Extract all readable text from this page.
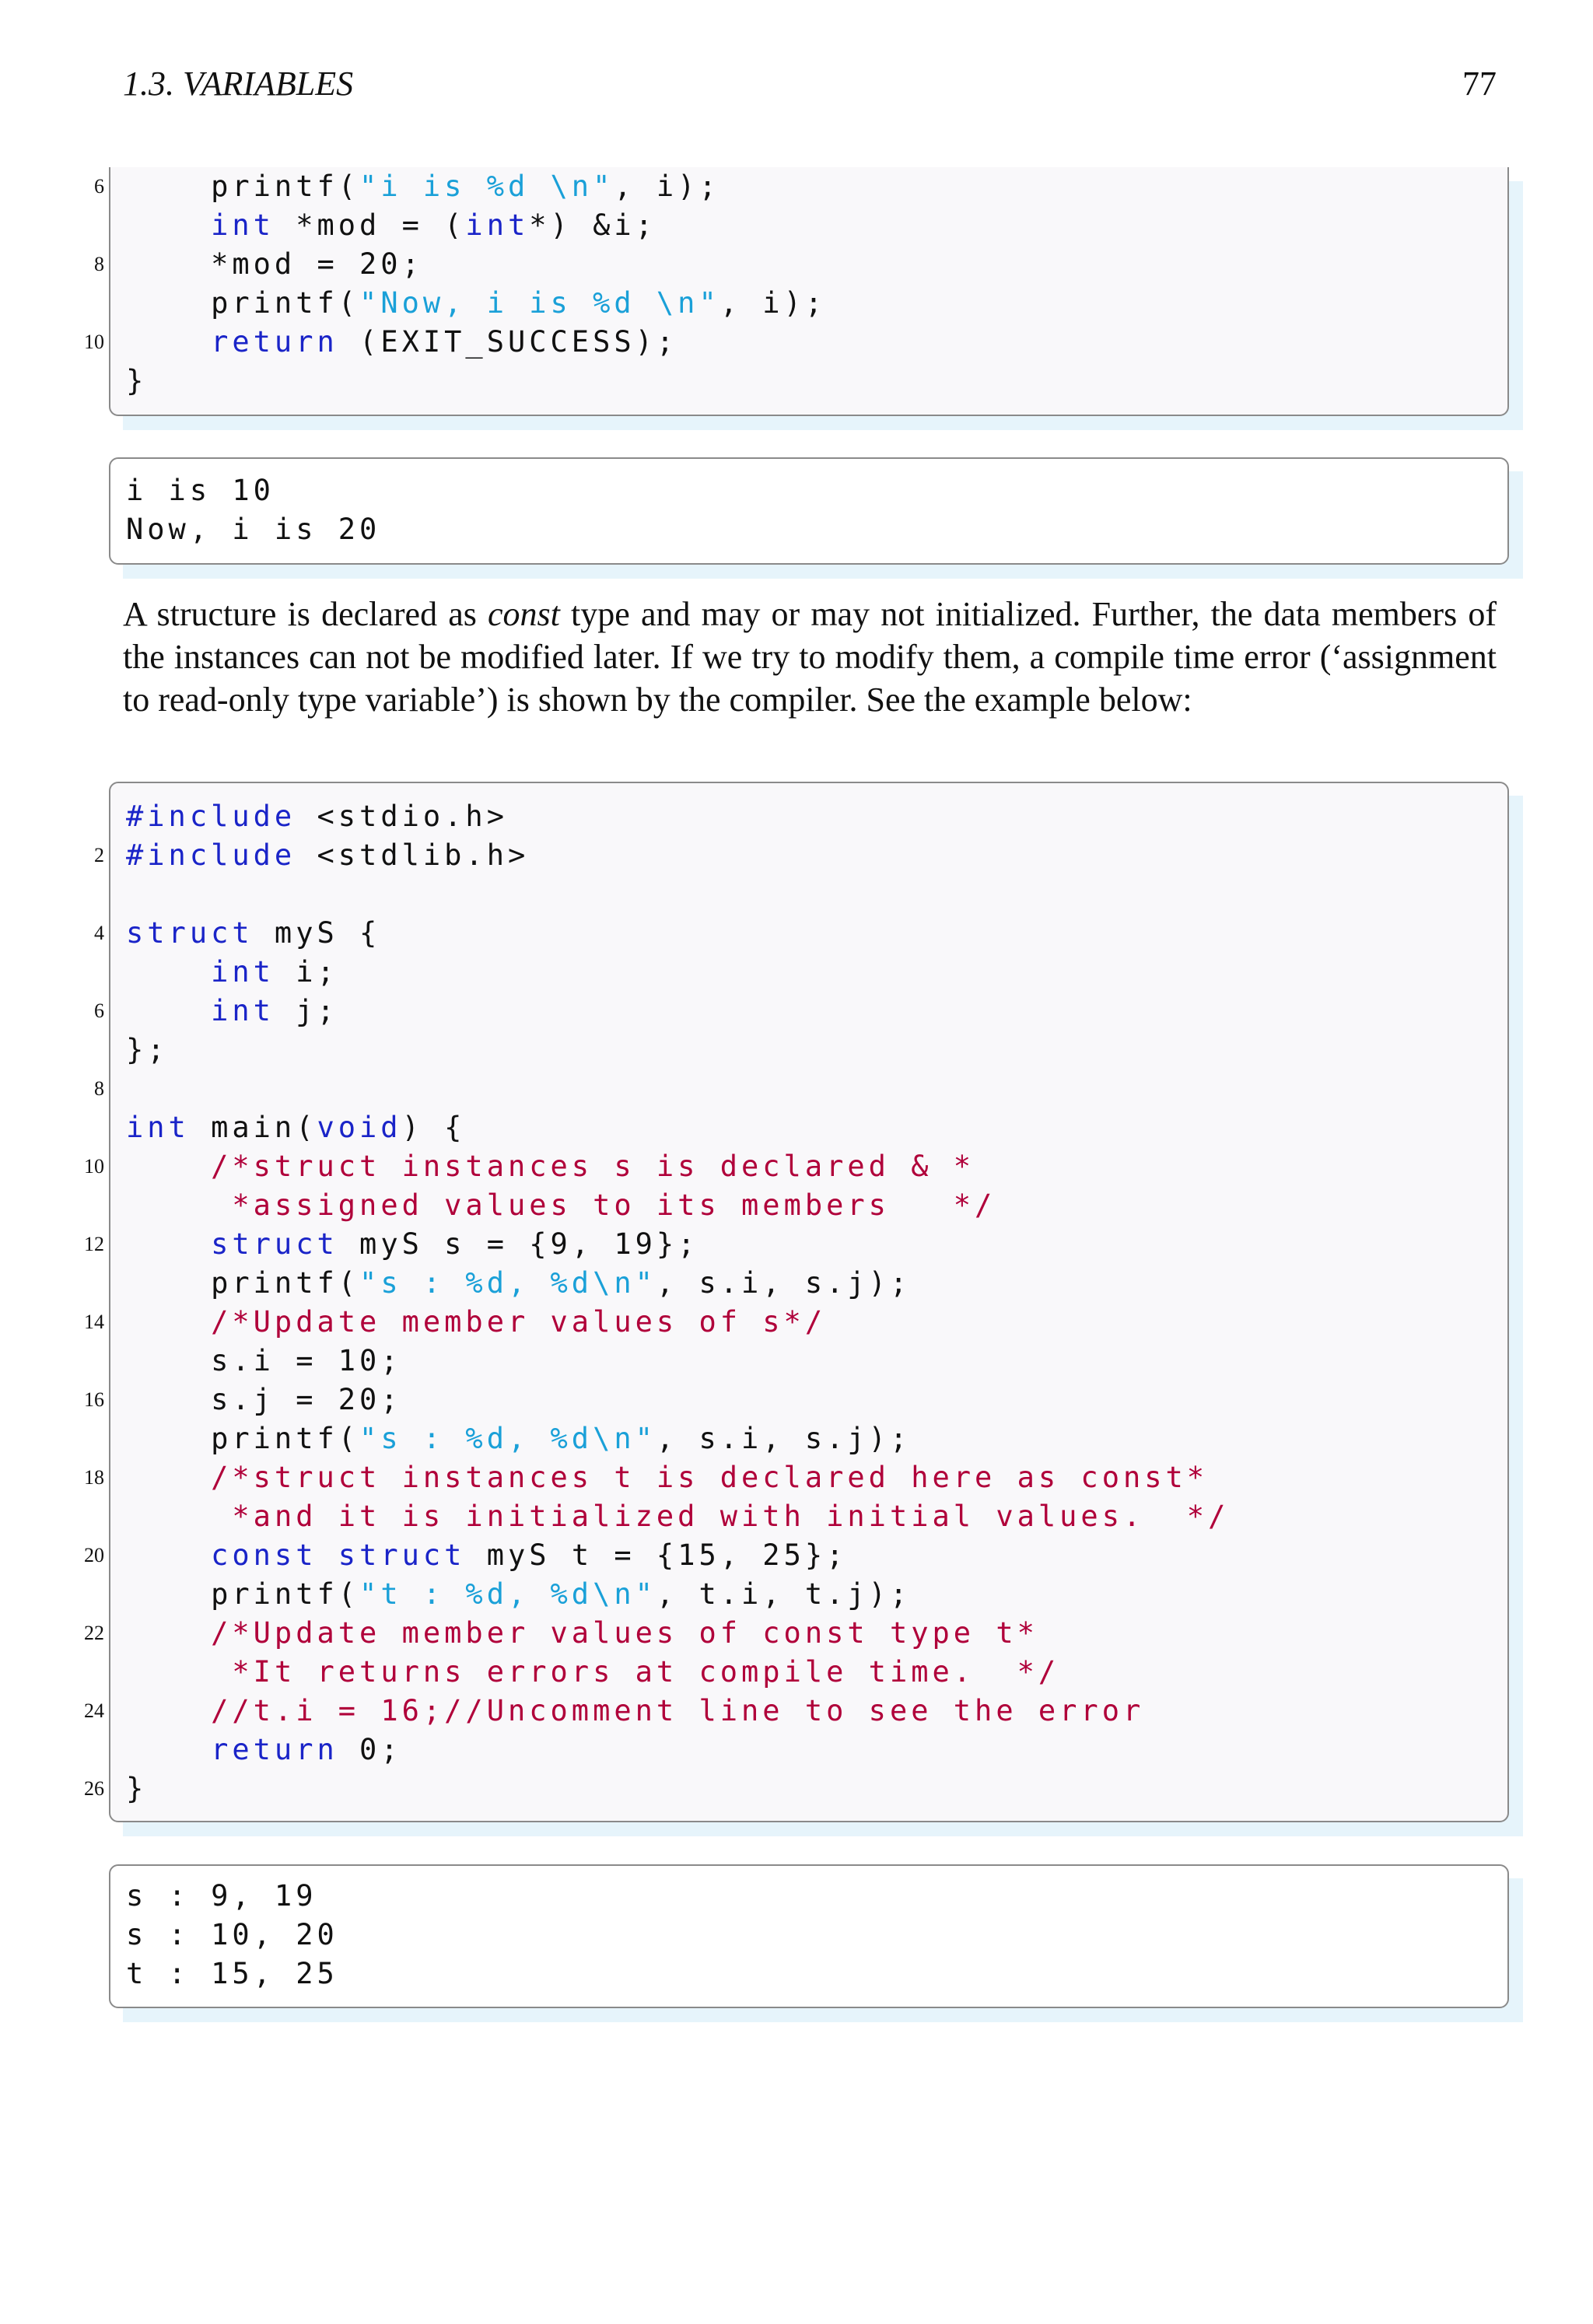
1.3. VARIABLES	77
6 printf("i is %d \n", i);
int *mod = (int*) &i;
8 *mod = 20;
printf("Now, i is %d \n", i);
10	return (EXIT_SUCCESS);
}
i is 10
Now, i is 20

A structure is declared as const type and may or may not initialized. Further, the data members of the instances can not be modified later. If we try to modify them, a compile time error (‘assignment to read-only type variable’) is shown by the compiler. See the example below:

#include <stdio.h>
2 #include <stdlib.h>
4 struct myS {
int i;
6	int j;
};
8
int main(void) {
10	/*struct instances s is declared & *
*assigned values to its members   */
12	struct myS s = {9, 19};
printf("s : %d, %d\n", s.i, s.j);
14	/*Update member values of s*/
s.i = 10;
16 s.j = 20;
printf("s : %d, %d\n", s.i, s.j);
18	/*struct instances t is declared here as const*
*and it is initialized with initial values.  */
20	const struct myS t = {15, 25};
printf("t : %d, %d\n", t.i, t.j);
22	/*Update member values of const type t*
*It returns errors at compile time.  */
24	//t.i = 16;//Uncomment line to see the error
return 0;
26 }
s : 9, 19
s : 10, 20
t : 15, 25
